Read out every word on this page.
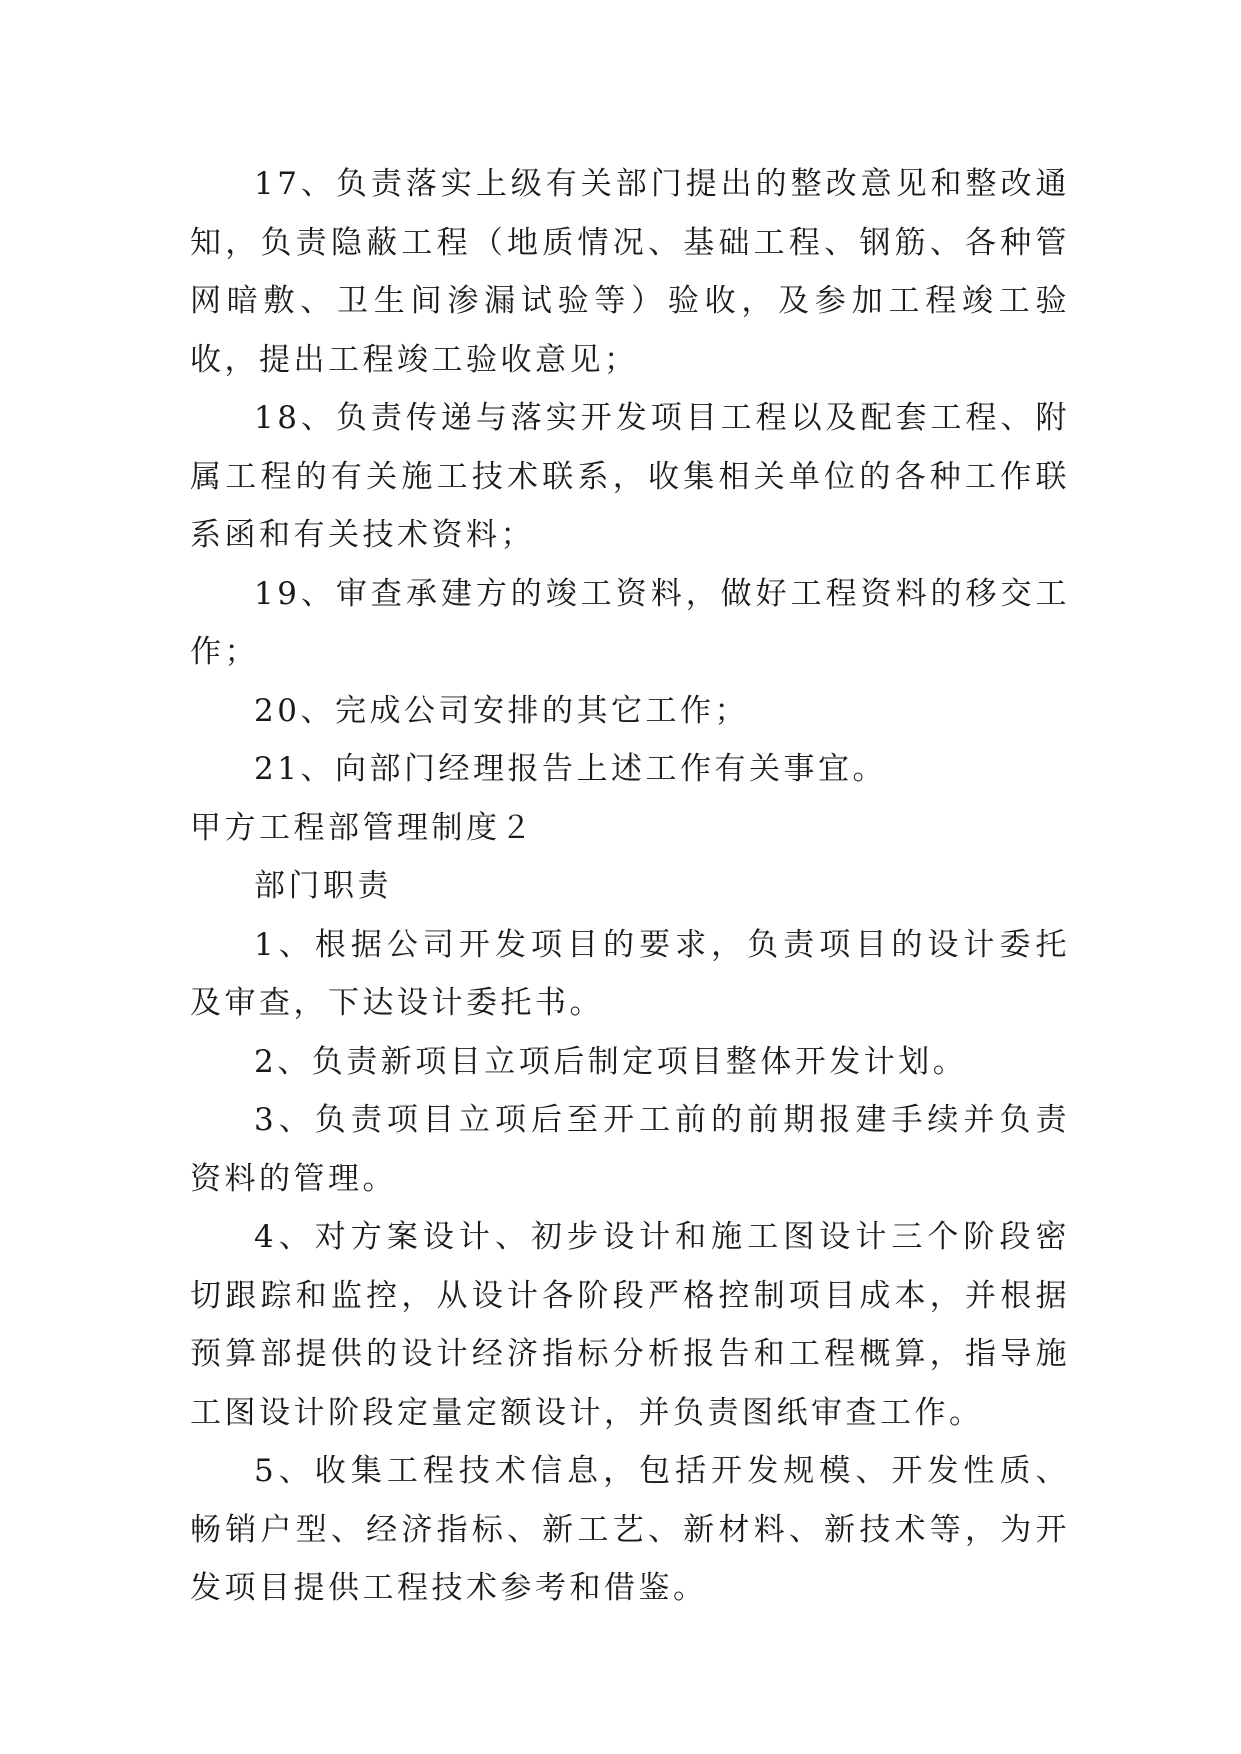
17、负责落实上级有关部门提出的整改意见和整改通知，负责隐蔽工程（地质情况、基础工程、钢筋、各种管网暗敷、卫生间渗漏试验等）验收，及参加工程竣工验收，提出工程竣工验收意见；

18、负责传递与落实开发项目工程以及配套工程、附属工程的有关施工技术联系，收集相关单位的各种工作联系函和有关技术资料；

19、审查承建方的竣工资料，做好工程资料的移交工作；

20、完成公司安排的其它工作；

21、向部门经理报告上述工作有关事宜。

甲方工程部管理制度２

部门职责

1、根据公司开发项目的要求，负责项目的设计委托及审查，下达设计委托书。

2、负责新项目立项后制定项目整体开发计划。

3、负责项目立项后至开工前的前期报建手续并负责资料的管理。

4、对方案设计、初步设计和施工图设计三个阶段密切跟踪和监控，从设计各阶段严格控制项目成本，并根据预算部提供的设计经济指标分析报告和工程概算，指导施工图设计阶段定量定额设计，并负责图纸审查工作。

5、收集工程技术信息，包括开发规模、开发性质、畅销户型、经济指标、新工艺、新材料、新技术等，为开发项目提供工程技术参考和借鉴。
